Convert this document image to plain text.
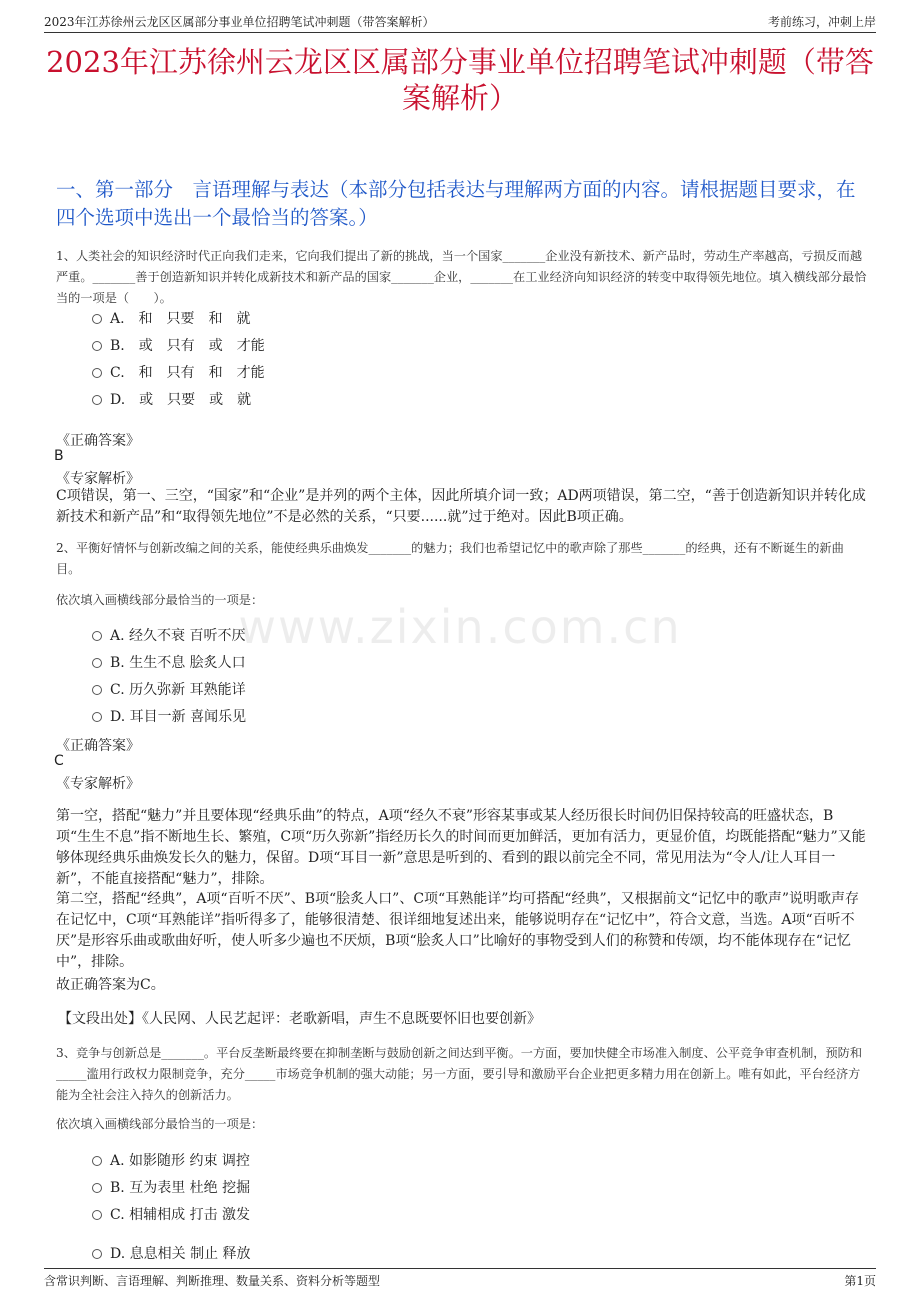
2023年江苏徐州云龙区区属部分事业单位招聘笔试冲刺题（带答案解析）	考前练习，冲刺上岸
2023年江苏徐州云龙区区属部分事业单位招聘笔试冲刺题（带答案解析）
一、第一部分　言语理解与表达（本部分包括表达与理解两方面的内容。请根据题目要求，在四个选项中选出一个最恰当的答案。）
www.zixin.com.cn
1、人类社会的知识经济时代正向我们走来，它向我们提出了新的挑战，当一个国家_______企业没有新技术、新产品时，劳动生产率越高，亏损反而越严重。_______善于创造新知识并转化成新技术和新产品的国家_______企业，_______在工业经济向知识经济的转变中取得领先地位。填入横线部分最恰当的一项是（　　）。
A.　和　只要　和　就
B.　或　只有　或　才能
C.　和　只有　和　才能
D.　或　只要　或　就
《正确答案》
B
《专家解析》
C项错误，第一、三空，“国家”和“企业”是并列的两个主体，因此所填介词一致；AD两项错误，第二空，“善于创造新知识并转化成新技术和新产品”和“取得领先地位”不是必然的关系，“只要......就”过于绝对。因此B项正确。
2、平衡好情怀与创新改编之间的关系，能使经典乐曲焕发_______的魅力；我们也希望记忆中的歌声除了那些_______的经典，还有不断诞生的新曲目。
依次填入画横线部分最恰当的一项是：
A. 经久不衰 百听不厌
B. 生生不息 脍炙人口
C. 历久弥新 耳熟能详
D. 耳目一新 喜闻乐见
《正确答案》
C
《专家解析》
第一空，搭配“魅力”并且要体现“经典乐曲”的特点，A项“经久不衰”形容某事或某人经历很长时间仍旧保持较高的旺盛状态，B项“生生不息”指不断地生长、繁殖，C项“历久弥新”指经历长久的时间而更加鲜活，更加有活力，更显价值，均既能搭配“魅力”又能够体现经典乐曲焕发长久的魅力，保留。D项“耳目一新”意思是听到的、看到的跟以前完全不同，常见用法为“令人/让人耳目一新”，不能直接搭配“魅力”，排除。
第二空，搭配“经典”，A项“百听不厌”、B项“脍炙人口”、C项“耳熟能详”均可搭配“经典”，又根据前文“记忆中的歌声”说明歌声存在记忆中，C项“耳熟能详”指听得多了，能够很清楚、很详细地复述出来，能够说明存在“记忆中”，符合文意，当选。A项“百听不厌”是形容乐曲或歌曲好听，使人听多少遍也不厌烦，B项“脍炙人口”比喻好的事物受到人们的称赞和传颂，均不能体现存在“记忆中”，排除。
故正确答案为C。
【文段出处】《人民网、人民艺起评：老歌新唱，声生不息既要怀旧也要创新》
3、竞争与创新总是_______。平台反垄断最终要在抑制垄断与鼓励创新之间达到平衡。一方面，要加快健全市场准入制度、公平竞争审查机制，预防和_____滥用行政权力限制竞争，充分_____市场竞争机制的强大动能；另一方面，要引导和激励平台企业把更多精力用在创新上。唯有如此，平台经济方能为全社会注入持久的创新活力。
依次填入画横线部分最恰当的一项是：
A. 如影随形 约束 调控
B. 互为表里 杜绝 挖掘
C. 相辅相成 打击 激发
D. 息息相关 制止 释放
含常识判断、言语理解、判断推理、数量关系、资料分析等题型	第1页
